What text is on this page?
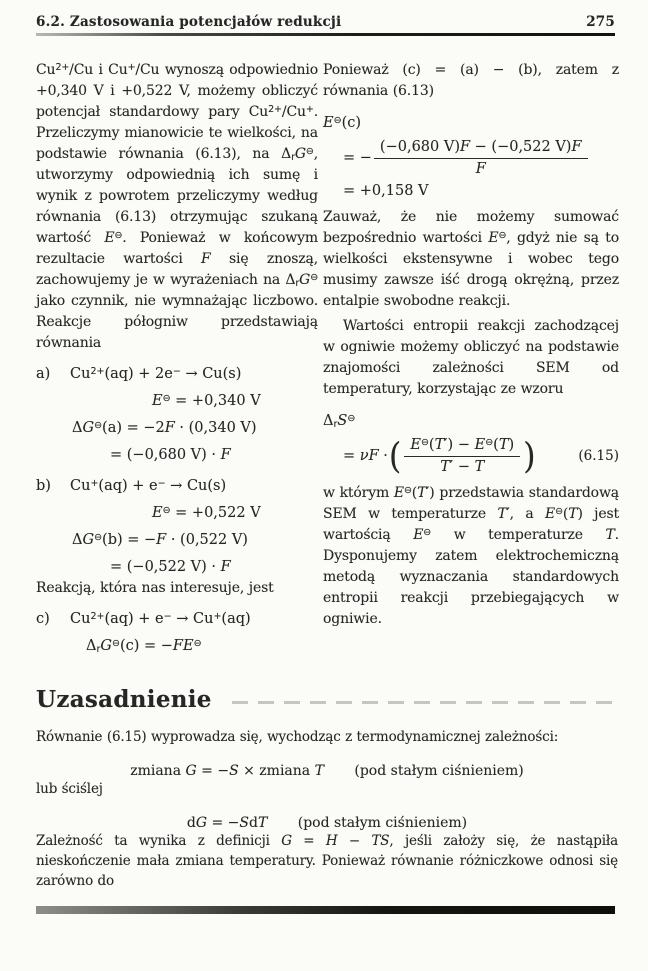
6.2. Zastosowania potencjałów redukcji	275

$Cu^{2+}/Cu$ i Cu+/Cu wynoszą odpowiednio +0,340 V i +0,522 V, możemy obliczyć potencjał standardowy pary $Cu^{2+}/Cu^+$. Przeliczymy mianowicie te wielkości, na podstawie równania (6.13), na $\Delta_rG^⊖$, utworzymy odpowiednią ich sumę i wynik z powrotem przeliczymy według równania (6.13) otrzymując szukaną wartość E⊖. Ponieważ w końcowym rezultacie wartości F się znoszą, zachowujemy je w wyrażeniach na $\Delta_rG^⊖$ jako czynnik, nie wymnażając liczbowo. Reakcje półogniw przedstawiają równania

a)	$Cu^{2+}(aq) + 2e^- \to Cu(s)$
E⊖ = +0,340 V
ΔG⊖(a) = −2F · (0,340 V)
= (−0,680 V) · F
b)	Cu+(aq) + e− → Cu(s)
E⊖ = +0,522 V
ΔG⊖(b) = −F · (0,522 V)
= (−0,522 V) · F

Reakcją, która nas interesuje, jest

c)	$Cu^{2+}(aq) + e^- \to Cu^+(aq)$
$\Delta_rG^⊖(c) = -FE^⊖$

Ponieważ (c) = (a) − (b), zatem z równania (6.13)

E⊖(c)
= − $\frac{(-0,680 V)F - (-0,522 V)F}{F}$
= +0,158 V

Zauważ, że nie możemy sumować bezpośrednio wartości E⊖, gdyż nie są to wielkości ekstensywne i wobec tego musimy zawsze iść drogą okrężną, przez entalpie swobodne reakcji.

Wartości entropii reakcji zachodzącej w ogniwie możemy obliczyć na podstawie znajomości zależności SEM od temperatury, korzystając ze wzoru

$\Delta_rS^⊖$
= νF · ( $\frac{E^⊖(T') - E^⊖(T)}{T' - T}$ )	(6.15)

w którym E⊖(T′) przedstawia standardową SEM w temperaturze T′, a E⊖(T) jest wartością E⊖ w temperaturze T. Dysponujemy zatem elektrochemiczną metodą wyznaczania standardowych entropii reakcji przebiegających w ogniwie.

Uzasadnienie

Równanie (6.15) wyprowadza się, wychodząc z termodynamicznej zależności:

zmiana G = −S × zmiana T (pod stałym ciśnieniem)

lub ściślej

dG = −SdT (pod stałym ciśnieniem)

Zależność ta wynika z definicji G = H − TS, jeśli założy się, że nastąpiła nieskończenie mała zmiana temperatury. Ponieważ równanie różniczkowe odnosi się zarówno do
